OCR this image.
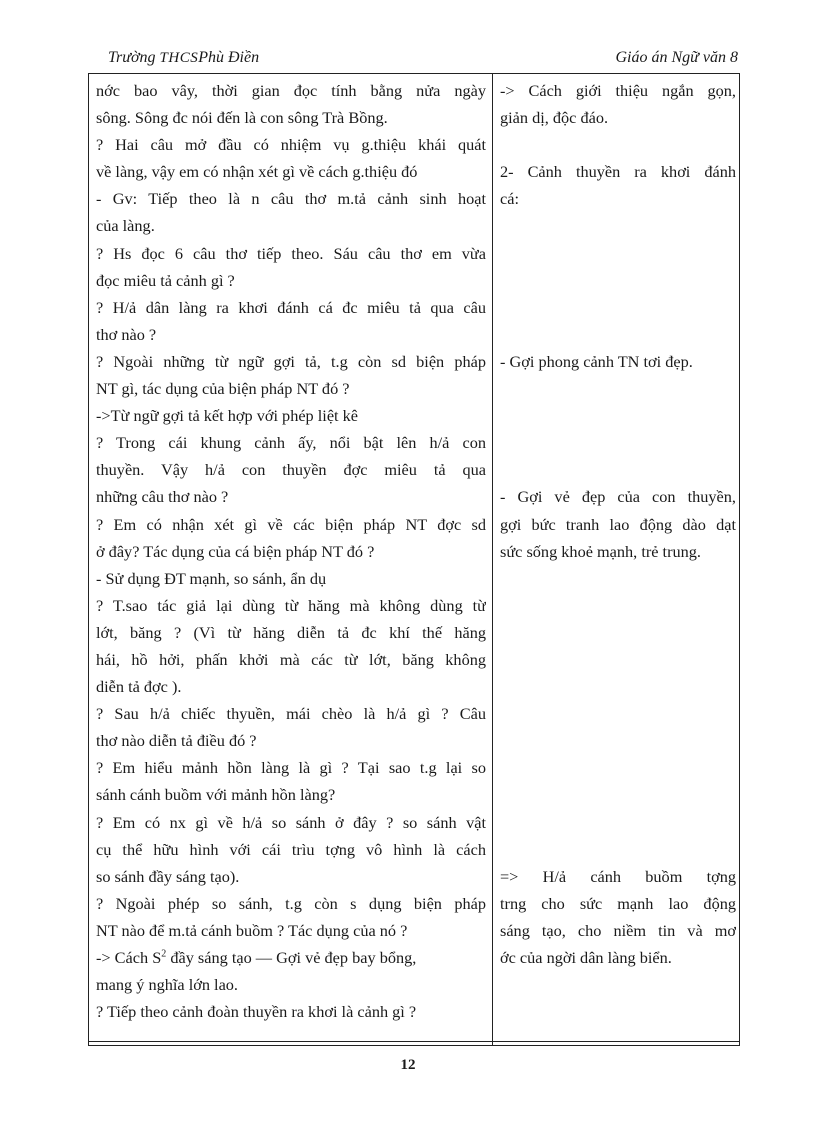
Trường THCSPhù Điền	Giáo án Ngữ văn 8
nớc bao vây, thời gian đọc tính bằng nửa ngày
sông. Sông đc nói đến là con sông Trà Bồng.
? Hai câu mở đầu có nhiệm vụ g.thiệu khái quát
về làng, vậy em có nhận xét gì về cách g.thiệu đó
- Gv: Tiếp theo là n câu thơ m.tả cảnh sinh hoạt
của làng.
? Hs đọc 6 câu thơ tiếp theo. Sáu câu thơ em vừa
đọc miêu tả cảnh gì ?
? H/ả dân làng ra khơi đánh cá đc miêu tả qua câu
thơ nào ?
? Ngoài những từ ngữ gợi tả, t.g còn sd biện pháp
NT gì, tác dụng của biện pháp NT đó ?
->Từ ngữ gợi tả kết hợp với phép liệt kê
? Trong cái khung cảnh ấy, nổi bật lên h/ả con
thuyền. Vậy h/ả con thuyền đợc miêu tả qua
những câu thơ nào ?
? Em có nhận xét gì về các biện pháp NT đợc sd
ở đây? Tác dụng của cá biện pháp NT đó ?
- Sử dụng ĐT mạnh, so sánh, ẩn dụ
? T.sao tác giả lại dùng từ hăng mà không dùng từ
lớt, băng ? (Vì từ hăng diễn tả đc khí thế hăng
hái, hồ hởi, phấn khởi mà các từ lớt, băng không
diễn tả đợc ).
? Sau h/ả chiếc thyuền, mái chèo là h/ả gì ? Câu
thơ nào diễn tả điều đó ?
? Em hiểu mảnh hồn làng là gì ? Tại sao t.g lại so
sánh cánh buồm với mảnh hồn làng?
? Em có nx gì về h/ả so sánh ở đây ? so sánh vật
cụ thể hữu hình với cái trìu tợng vô hình là cách
so sánh đầy sáng tạo).
? Ngoài phép so sánh, t.g còn s dụng biện pháp
NT nào để m.tả cánh buồm ? Tác dụng của nó ?
-> Cách $S^2$ đầy sáng tạo — Gợi vẻ đẹp bay bổng,
mang ý nghĩa lớn lao.
? Tiếp theo cảnh đoàn thuyền ra khơi là cảnh gì ?
-> Cách giới thiệu ngắn gọn,
giản dị, độc đáo.
2- Cảnh thuyền ra khơi đánh
cá:
- Gợi phong cảnh TN tơi đẹp.
- Gợi vẻ đẹp của con thuyền,
gợi bức tranh lao động dào dạt
sức sống khoẻ mạnh, trẻ trung.
=> H/ả cánh buồm tợng
trng cho sức mạnh lao động
sáng tạo, cho niềm tin và mơ
ớc của ngời dân làng biển.
12
